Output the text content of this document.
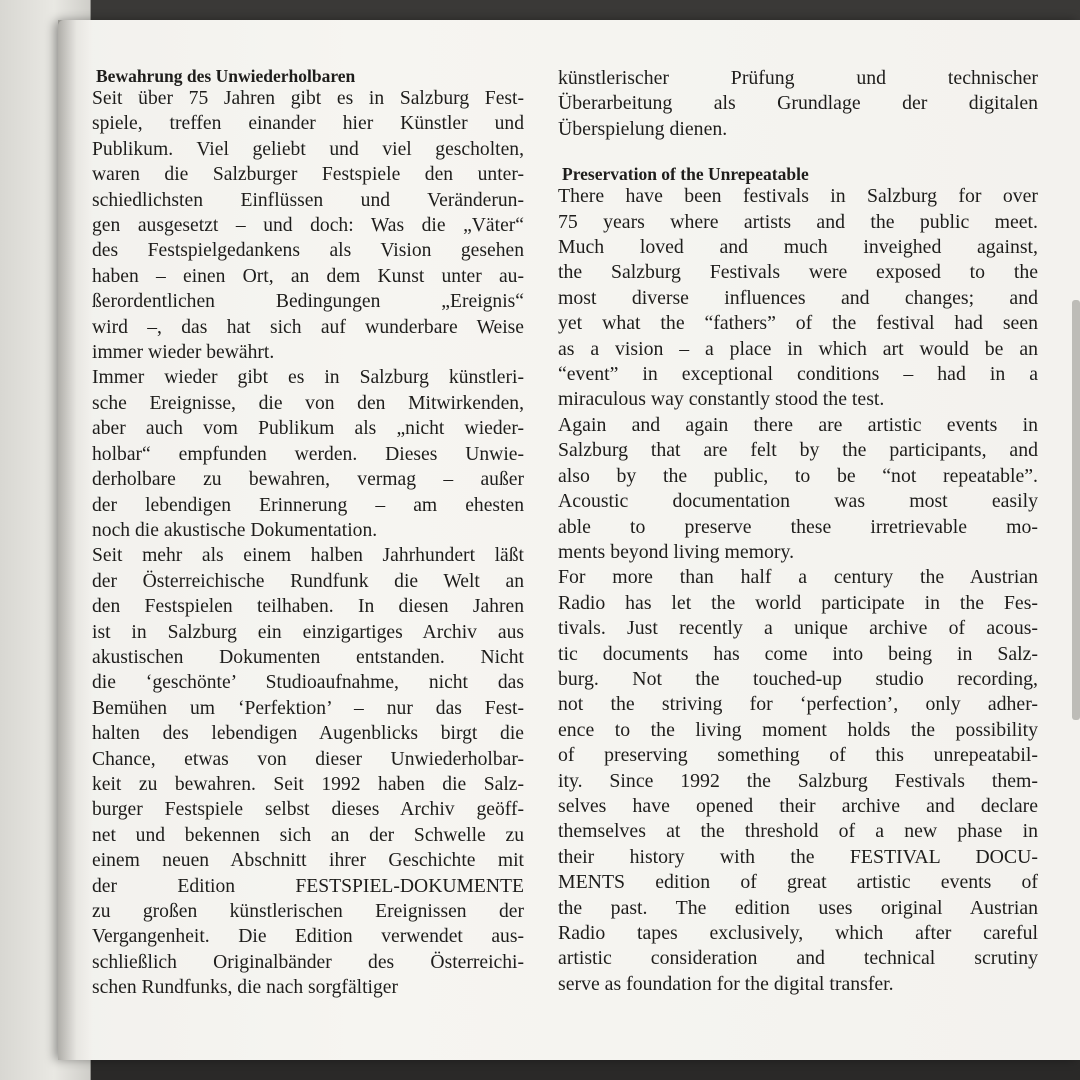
Bewahrung des Unwiederholbaren
Seit über 75 Jahren gibt es in Salzburg Fest-
spiele, treffen einander hier Künstler und
Publikum. Viel geliebt und viel gescholten,
waren die Salzburger Festspiele den unter-
schiedlichsten Einflüssen und Veränderun-
gen ausgesetzt – und doch: Was die „Väter“
des Festspielgedankens als Vision gesehen
haben – einen Ort, an dem Kunst unter au-
ßerordentlichen Bedingungen „Ereignis“
wird –, das hat sich auf wunderbare Weise
immer wieder bewährt.
Immer wieder gibt es in Salzburg künstleri-
sche Ereignisse, die von den Mitwirkenden,
aber auch vom Publikum als „nicht wieder-
holbar“ empfunden werden. Dieses Unwie-
derholbare zu bewahren, vermag – außer
der lebendigen Erinnerung – am ehesten
noch die akustische Dokumentation.
Seit mehr als einem halben Jahrhundert läßt
der Österreichische Rundfunk die Welt an
den Festspielen teilhaben. In diesen Jahren
ist in Salzburg ein einzigartiges Archiv aus
akustischen Dokumenten entstanden. Nicht
die ‘geschönte’ Studioaufnahme, nicht das
Bemühen um ‘Perfektion’ – nur das Fest-
halten des lebendigen Augenblicks birgt die
Chance, etwas von dieser Unwiederholbar-
keit zu bewahren. Seit 1992 haben die Salz-
burger Festspiele selbst dieses Archiv geöff-
net und bekennen sich an der Schwelle zu
einem neuen Abschnitt ihrer Geschichte mit
der Edition FESTSPIEL-DOKUMENTE
zu großen künstlerischen Ereignissen der
Vergangenheit. Die Edition verwendet aus-
schließlich Originalbänder des Österreichi-
schen Rundfunks, die nach sorgfältiger
künstlerischer Prüfung und technischer
Überarbeitung als Grundlage der digitalen
Überspielung dienen.
Preservation of the Unrepeatable
There have been festivals in Salzburg for over
75 years where artists and the public meet.
Much loved and much inveighed against,
the Salzburg Festivals were exposed to the
most diverse influences and changes; and
yet what the “fathers” of the festival had seen
as a vision – a place in which art would be an
“event” in exceptional conditions – had in a
miraculous way constantly stood the test.
Again and again there are artistic events in
Salzburg that are felt by the participants, and
also by the public, to be “not repeatable”.
Acoustic documentation was most easily
able to preserve these irretrievable mo-
ments beyond living memory.
For more than half a century the Austrian
Radio has let the world participate in the Fes-
tivals. Just recently a unique archive of acous-
tic documents has come into being in Salz-
burg. Not the touched-up studio recording,
not the striving for ‘perfection’, only adher-
ence to the living moment holds the possibility
of preserving something of this unrepeatabil-
ity. Since 1992 the Salzburg Festivals them-
selves have opened their archive and declare
themselves at the threshold of a new phase in
their history with the FESTIVAL DOCU-
MENTS edition of great artistic events of
the past. The edition uses original Austrian
Radio tapes exclusively, which after careful
artistic consideration and technical scrutiny
serve as foundation for the digital transfer.
